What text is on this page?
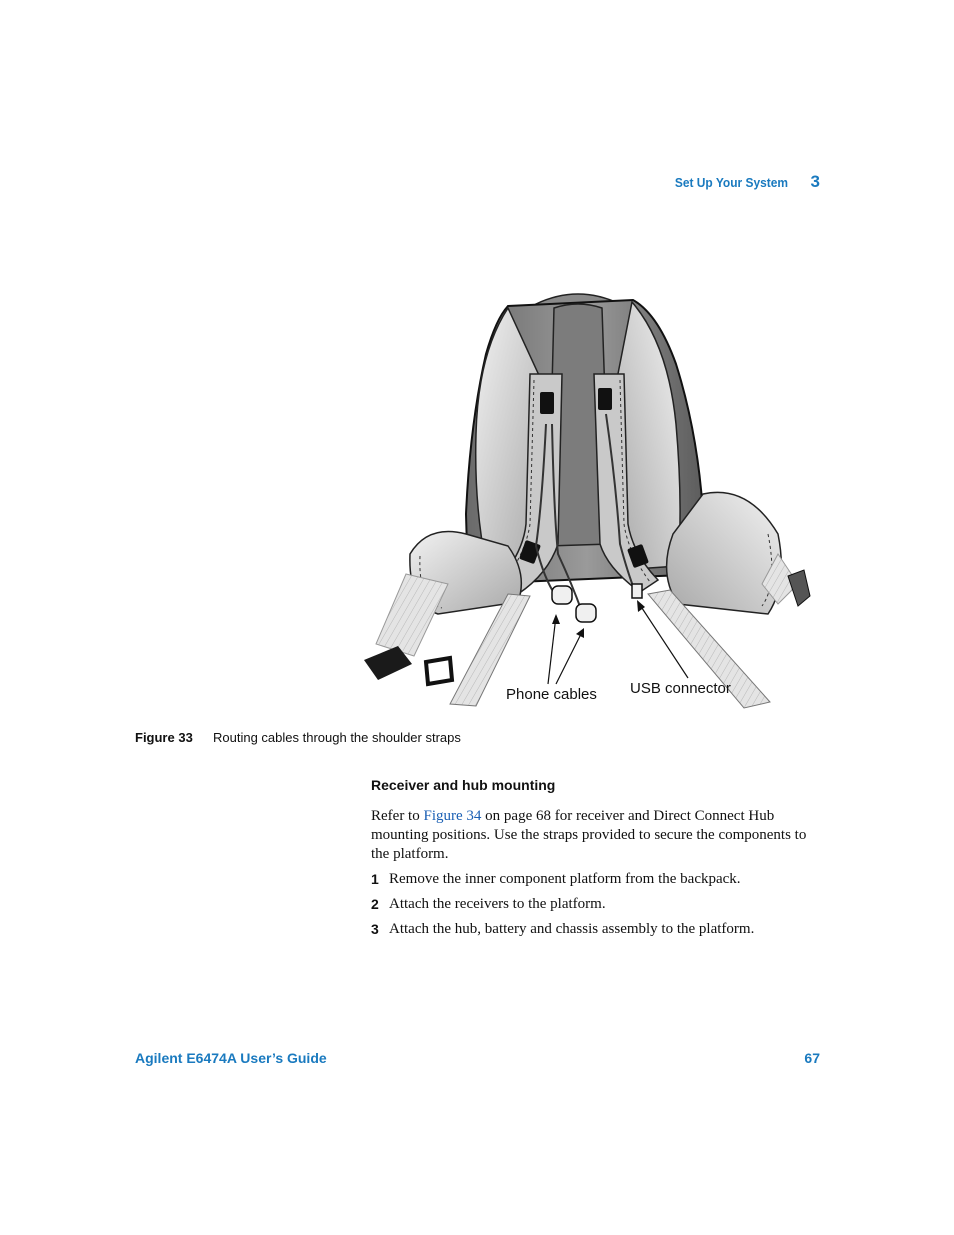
Set Up Your System 3
Phone cables USB connector
Figure 33	Routing cables through the shoulder straps
Receiver and hub mounting

Refer to Figure 34 on page 68 for receiver and Direct Connect Hub mounting positions. Use the straps provided to secure the components to the platform.

1 Remove the inner component platform from the backpack.
2 Attach the receivers to the platform.
3 Attach the hub, battery and chassis assembly to the platform.
Agilent E6474A User’s Guide	67
